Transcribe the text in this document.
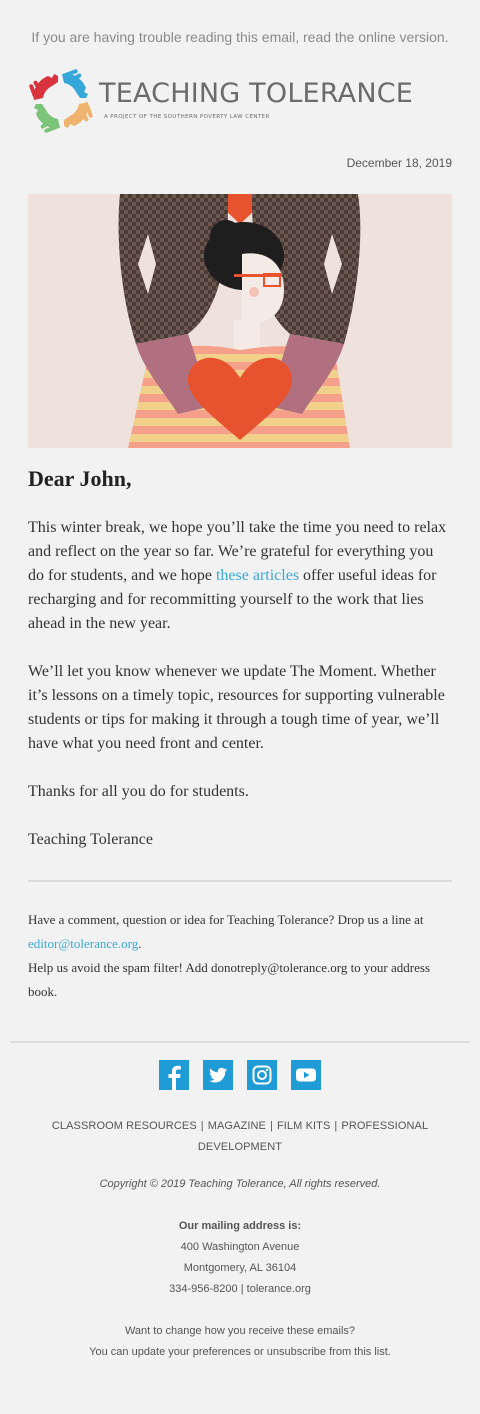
If you are having trouble reading this email, read the online version.
TEACHING TOLERANCE
A PROJECT OF THE SOUTHERN POVERTY LAW CENTER
December 18, 2019
Dear John,

This winter break, we hope you’ll take the time you need to relax and reflect on the year so far. We’re grateful for everything you do for students, and we hope these articles offer useful ideas for recharging and for recommitting yourself to the work that lies ahead in the new year.

We’ll let you know whenever we update The Moment. Whether it’s lessons on a timely topic, resources for supporting vulnerable students or tips for making it through a tough time of year, we’ll have what you need front and center.

Thanks for all you do for students.

Teaching Tolerance

Have a comment, question or idea for Teaching Tolerance? Drop us a line at editor@tolerance.org.

Help us avoid the spam filter! Add donotreply@tolerance.org to your address book.

CLASSROOM RESOURCES | MAGAZINE | FILM KITS | PROFESSIONAL DEVELOPMENT
Copyright © 2019 Teaching Tolerance, All rights reserved.
Our mailing address is:
400 Washington Avenue
Montgomery, AL 36104
334-956-8200 | tolerance.org
Want to change how you receive these emails?
You can update your preferences or unsubscribe from this list.
